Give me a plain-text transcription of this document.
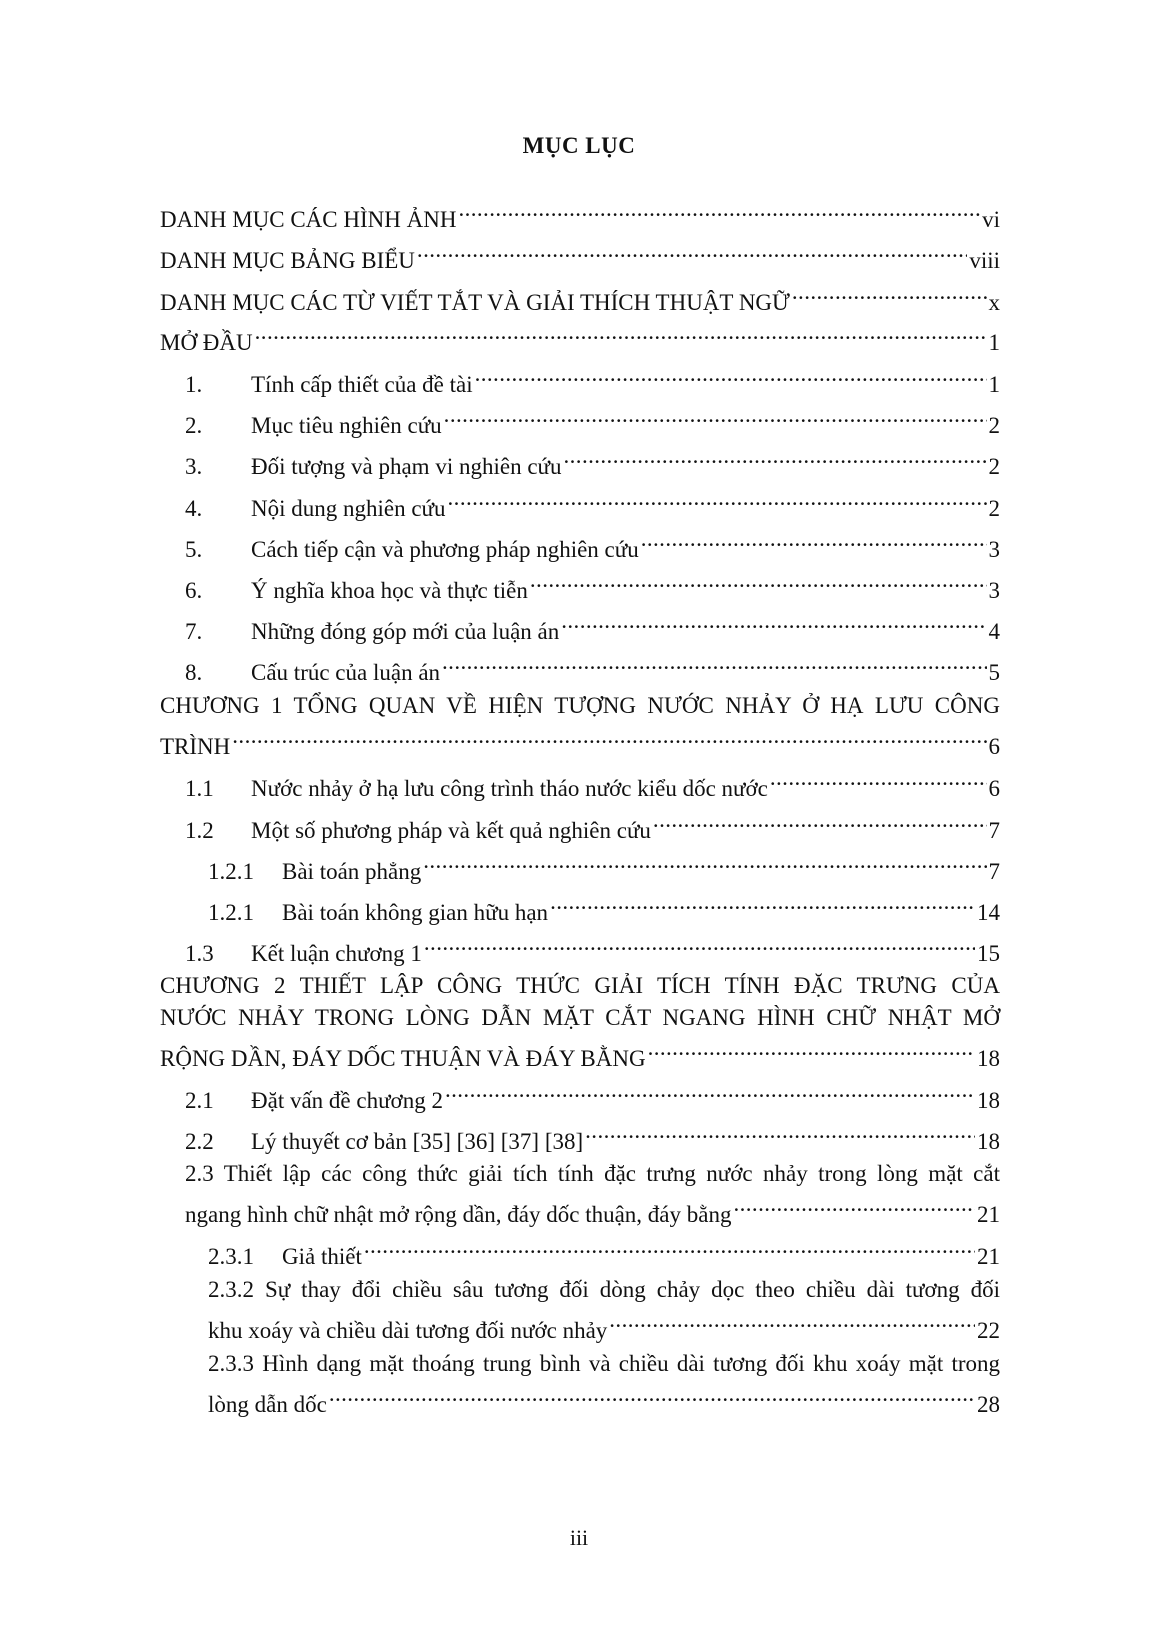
MỤC LỤC
DANH MỤC CÁC HÌNH ẢNH .....	vi
DANH MỤC BẢNG BIỂU .....	viii
DANH MỤC CÁC TỪ VIẾT TẮT VÀ GIẢI THÍCH THUẬT NGỮ .....	x
MỞ ĐẦU .....	1
1.	Tính cấp thiết của đề tài .....	1
2.	Mục tiêu nghiên cứu .....	2
3.	Đối tượng và phạm vi nghiên cứu .....	2
4.	Nội dung nghiên cứu .....	2
5.	Cách tiếp cận và phương pháp nghiên cứu .....	3
6.	Ý nghĩa khoa học và thực tiễn .....	3
7.	Những đóng góp mới của luận án .....	4
8.	Cấu trúc của luận án .....	5
CHƯƠNG 1 TỔNG QUAN VỀ HIỆN TƯỢNG NƯỚC NHẢY Ở HẠ LƯU CÔNG
TRÌNH .....	6
1.1	Nước nhảy ở hạ lưu công trình tháo nước kiểu dốc nước .....	6
1.2	Một số phương pháp và kết quả nghiên cứu .....	7
1.2.1	Bài toán phẳng .....	7
1.2.1	Bài toán không gian hữu hạn .....	14
1.3	Kết luận chương 1 .....	15
CHƯƠNG 2 THIẾT LẬP CÔNG THỨC GIẢI TÍCH TÍNH ĐẶC TRƯNG CỦA
NƯỚC NHẢY TRONG LÒNG DẪN MẶT CẮT NGANG HÌNH CHỮ NHẬT MỞ
RỘNG DẦN, ĐÁY DỐC THUẬN VÀ ĐÁY BẰNG .....	18
2.1	Đặt vấn đề chương 2 .....	18
2.2	Lý thuyết cơ bản [35] [36] [37] [38] .....	18
2.3 Thiết lập các công thức giải tích tính đặc trưng nước nhảy trong lòng mặt cắt
ngang hình chữ nhật mở rộng dần, đáy dốc thuận, đáy bằng .....	21
2.3.1	Giả thiết .....	21
2.3.2 Sự thay đổi chiều sâu tương đối dòng chảy dọc theo chiều dài tương đối
khu xoáy và chiều dài tương đối nước nhảy .....	22
2.3.3 Hình dạng mặt thoáng trung bình và chiều dài tương đối khu xoáy mặt trong
lòng dẫn dốc .....	28
iii
